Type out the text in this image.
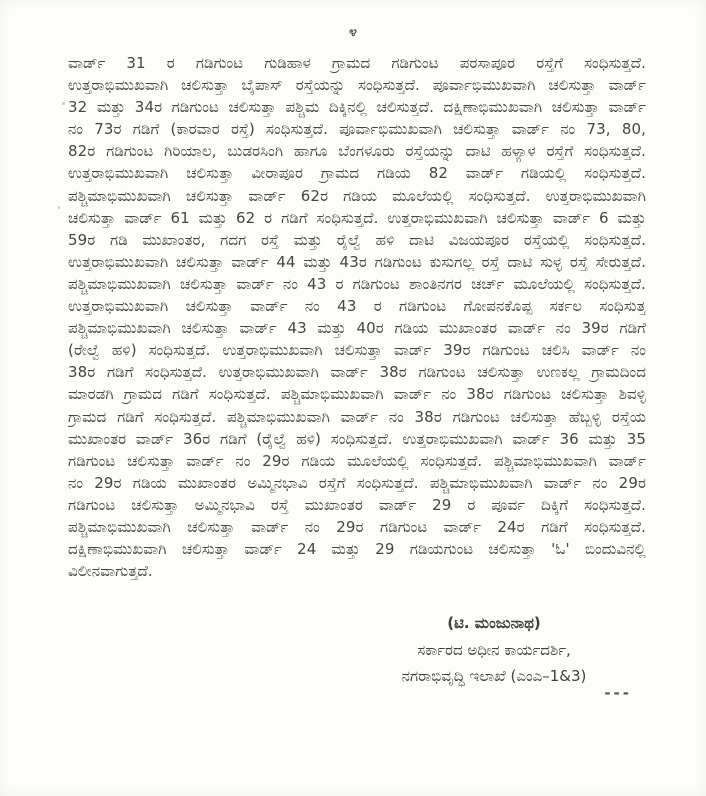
೪
ವಾರ್ಡ್ 31 ರ ಗಡಿಗುಂಟ ಗುಡಿಹಾಳ ಗ್ರಾಮದ ಗಡಿಗುಂಟ ಪರಸಾಪೂರ ರಸ್ತೆಗೆ ಸಂಧಿಸುತ್ತದೆ.
ಉತ್ತರಾಭಿಮುಖವಾಗಿ ಚಲಿಸುತ್ತಾ ಬೈಪಾಸ್ ರಸ್ತೆಯನ್ನು ಸಂಧಿಸುತ್ತದೆ. ಪೂರ್ವಾಭಿಮುಖವಾಗಿ ಚಲಿಸುತ್ತಾ ವಾರ್ಡ್
32 ಮತ್ತು 34ರ ಗಡಿಗುಂಟ ಚಲಿಸುತ್ತಾ ಪಶ್ಚಿಮ ದಿಕ್ಕಿನಲ್ಲಿ ಚಲಿಸುತ್ತದೆ. ದಕ್ಷಿಣಾಭಿಮುಖವಾಗಿ ಚಲಿಸುತ್ತಾ ವಾರ್ಡ್
ನಂ 73ರ ಗಡಿಗೆ (ಕಾರವಾರ ರಸ್ತೆ) ಸಂಧಿಸುತ್ತದೆ. ಪೂರ್ವಾಭಿಮುಖವಾಗಿ ಚಲಿಸುತ್ತಾ ವಾರ್ಡ್ ನಂ 73, 80,
82ರ ಗಡಿಗುಂಟ ಗಿರಿಯಾಲ, ಬುಡರಸಿಂಗಿ ಹಾಗೂ ಬೆಂಗಳೂರು ರಸ್ತೆಯನ್ನು ದಾಟಿ ಹಳ್ಯಾಳ ರಸ್ತೆಗೆ ಸಂಧಿಸುತ್ತದೆ.
ಉತ್ತರಾಭಿಮುಖವಾಗಿ ಚಲಿಸುತ್ತಾ ವೀರಾಪೂರ ಗ್ರಾಮದ ಗಡಿಯ 82 ವಾರ್ಡ್ ಗಡಿಯಲ್ಲಿ ಸಂಧಿಸುತ್ತದೆ.
ಪಶ್ಚಿಮಾಭಿಮುಖವಾಗಿ ಚಲಿಸುತ್ತಾ ವಾರ್ಡ್ 62ರ ಗಡಿಯ ಮೂಲೆಯಲ್ಲಿ ಸಂಧಿಸುತ್ತದೆ. ಉತ್ತರಾಭಿಮುಖವಾಗಿ
ಚಲಿಸುತ್ತಾ ವಾರ್ಡ್ 61 ಮತ್ತು 62 ರ ಗಡಿಗೆ ಸಂಧಿಸುತ್ತದೆ. ಉತ್ತರಾಭಿಮುಖವಾಗಿ ಚಲಿಸುತ್ತಾ ವಾರ್ಡ್ 6 ಮತ್ತು
59ರ ಗಡಿ ಮುಖಾಂತರ, ಗದಗ ರಸ್ತೆ ಮತ್ತು ರೈಲ್ವೆ ಹಳಿ ದಾಟಿ ವಿಜಯಪೂರ ರಸ್ತೆಯಲ್ಲಿ ಸಂಧಿಸುತ್ತದೆ.
ಉತ್ತರಾಭಿಮುಖವಾಗಿ ಚಲಿಸುತ್ತಾ ವಾರ್ಡ್ 44 ಮತ್ತು 43ರ ಗಡಿಗುಂಟ ಕುಸುಗಲ್ಲ ರಸ್ತೆ ದಾಟಿ ಸುಳ್ಳ ರಸ್ತೆ ಸೇರುತ್ತದೆ.
ಪಶ್ಚಿಮಾಭಿಮುಖವಾಗಿ ಚಲಿಸುತ್ತಾ ವಾರ್ಡ್ ನಂ 43 ರ ಗಡಿಗುಂಟ ಶಾಂತಿನಗರ ಚರ್ಚ್ ಮೂಲೆಯಲ್ಲಿ ಸಂಧಿಸುತ್ತದೆ.
ಉತ್ತರಾಭಿಮುಖವಾಗಿ ಚಲಿಸುತ್ತಾ ವಾರ್ಡ್ ನಂ 43 ರ ಗಡಿಗುಂಟ ಗೋಪನಕೊಪ್ಪ ಸರ್ಕಲ ಸಂಧಿಸುತ್ತ
ಪಶ್ಚಿಮಾಭಿಮುಖವಾಗಿ ಚಲಿಸುತ್ತಾ ವಾರ್ಡ್ 43 ಮತ್ತು 40ರ ಗಡಿಯ ಮುಖಾಂತರ ವಾರ್ಡ್ ನಂ 39ರ ಗಡಿಗೆ
(ರೇಲ್ವೆ ಹಳಿ) ಸಂಧಿಸುತ್ತದೆ. ಉತ್ತರಾಭಿಮುಖವಾಗಿ ಚಲಿಸುತ್ತಾ ವಾರ್ಡ್ 39ರ ಗಡಿಗುಂಟ ಚಲಿಸಿ ವಾರ್ಡ್ ನಂ
38ರ ಗಡಿಗೆ ಸಂಧಿಸುತ್ತದೆ. ಉತ್ತರಾಭಿಮುಖವಾಗಿ ವಾರ್ಡ್ 38ರ ಗಡಿಗುಂಟ ಚಲಿಸುತ್ತಾ ಉಣಕಲ್ಲ ಗ್ರಾಮದಿಂದ
ಮಾರಡಗಿ ಗ್ರಾಮದ ಗಡಿಗೆ ಸಂಧಿಸುತ್ತದೆ. ಪಶ್ಚಿಮಾಭಿಮುಖವಾಗಿ ವಾರ್ಡ್ ನಂ 38ರ ಗಡಿಗುಂಟ ಚಲಿಸುತ್ತಾ ಶಿವಳ್ಳಿ
ಗ್ರಾಮದ ಗಡಿಗೆ ಸಂಧಿಸುತ್ತದೆ. ಪಶ್ಚಿಮಾಭಿಮುಖವಾಗಿ ವಾರ್ಡ್ ನಂ 38ರ ಗಡಿಗುಂಟ ಚಲಿಸುತ್ತಾ ಹೆಬ್ಬಳ್ಳಿ ರಸ್ತೆಯ
ಮುಖಾಂತರ ವಾರ್ಡ್ 36ರ ಗಡಿಗೆ (ರೈಲ್ವೆ ಹಳಿ) ಸಂಧಿಸುತ್ತದೆ. ಉತ್ತರಾಭಿಮುಖವಾಗಿ ವಾರ್ಡ್ 36 ಮತ್ತು 35
ಗಡಿಗುಂಟ ಚಲಿಸುತ್ತಾ ವಾರ್ಡ್ ನಂ 29ರ ಗಡಿಯ ಮೂಲೆಯಲ್ಲಿ ಸಂಧಿಸುತ್ತದೆ. ಪಶ್ಚಿಮಾಭಿಮುಖವಾಗಿ ವಾರ್ಡ್
ನಂ 29ರ ಗಡಿಯ ಮುಖಾಂತರ ಅಮ್ಮಿನಭಾವಿ ರಸ್ತೆಗೆ ಸಂಧಿಸುತ್ತದೆ. ಪಶ್ಚಿಮಾಭಿಮುಖವಾಗಿ ವಾರ್ಡ್ ನಂ 29ರ
ಗಡಿಗುಂಟ ಚಲಿಸುತ್ತಾ ಅಮ್ಮಿನಭಾವಿ ರಸ್ತೆ ಮುಖಾಂತರ ವಾರ್ಡ್ 29 ರ ಪೂರ್ವ ದಿಕ್ಕಿಗೆ ಸಂಧಿಸುತ್ತದೆ.
ಪಶ್ಚಿಮಾಭಿಮುಖವಾಗಿ ಚಲಿಸುತ್ತಾ ವಾರ್ಡ್ ನಂ 29ರ ಗಡಿಗುಂಟ ವಾರ್ಡ್ 24ರ ಗಡಿಗೆ ಸಂಧಿಸುತ್ತದೆ.
ದಕ್ಷಿಣಾಭಿಮುಖವಾಗಿ ಚಲಿಸುತ್ತಾ ವಾರ್ಡ್ 24 ಮತ್ತು 29 ಗಡಿಯಗುಂಟ ಚಲಿಸುತ್ತಾ 'ಓ' ಬಿಂದುವಿನಲ್ಲಿ
ವಿಲೀನವಾಗುತ್ತದೆ.
(ಟಿ. ಮಂಜುನಾಥ)
ಸರ್ಕಾರದ ಅಧೀನ ಕಾರ್ಯದರ್ಶಿ,
ನಗರಾಭಿವೃದ್ಧಿ ಇಲಾಖೆ (ಎಂಎ–1&3)
---
